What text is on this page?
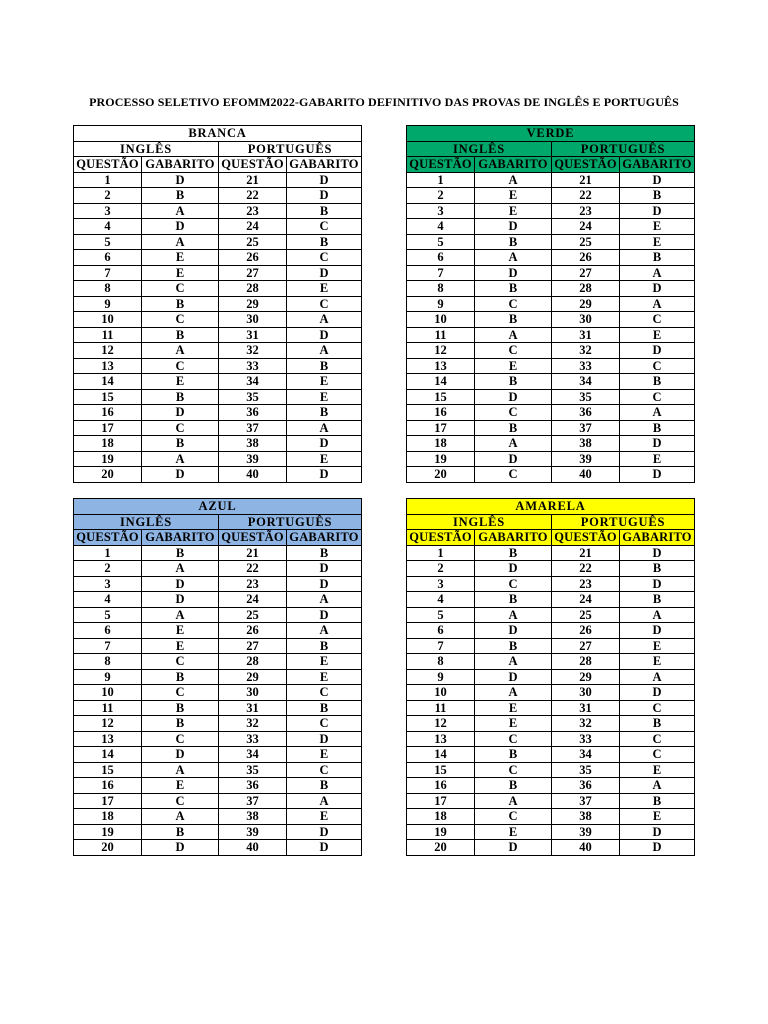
PROCESSO SELETIVO EFOMM2022-GABARITO DEFINITIVO DAS PROVAS DE INGLÊS E PORTUGUÊS
BRANCA			
INGLÊS		PORTUGUÊS	
QUESTÃO	GABARITO	QUESTÃO	GABARITO
1	D	21	D
2	B	22	D
3	A	23	B
4	D	24	C
5	A	25	B
6	E	26	C
7	E	27	D
8	C	28	E
9	B	29	C
10	C	30	A
11	B	31	D
12	A	32	A
13	C	33	B
14	E	34	E
15	B	35	E
16	D	36	B
17	C	37	A
18	B	38	D
19	A	39	E
20	D	40	D
VERDE			
INGLÊS		PORTUGUÊS	
QUESTÃO	GABARITO	QUESTÃO	GABARITO
1	A	21	D
2	E	22	B
3	E	23	D
4	D	24	E
5	B	25	E
6	A	26	B
7	D	27	A
8	B	28	D
9	C	29	A
10	B	30	C
11	A	31	E
12	C	32	D
13	E	33	C
14	B	34	B
15	D	35	C
16	C	36	A
17	B	37	B
18	A	38	D
19	D	39	E
20	C	40	D
AZUL			
INGLÊS		PORTUGUÊS	
QUESTÃO	GABARITO	QUESTÃO	GABARITO
1	B	21	B
2	A	22	D
3	D	23	D
4	D	24	A
5	A	25	D
6	E	26	A
7	E	27	B
8	C	28	E
9	B	29	E
10	C	30	C
11	B	31	B
12	B	32	C
13	C	33	D
14	D	34	E
15	A	35	C
16	E	36	B
17	C	37	A
18	A	38	E
19	B	39	D
20	D	40	D
AMARELA			
INGLÊS		PORTUGUÊS	
QUESTÃO	GABARITO	QUESTÃO	GABARITO
1	B	21	D
2	D	22	B
3	C	23	D
4	B	24	B
5	A	25	A
6	D	26	D
7	B	27	E
8	A	28	E
9	D	29	A
10	A	30	D
11	E	31	C
12	E	32	B
13	C	33	C
14	B	34	C
15	C	35	E
16	B	36	A
17	A	37	B
18	C	38	E
19	E	39	D
20	D	40	D
